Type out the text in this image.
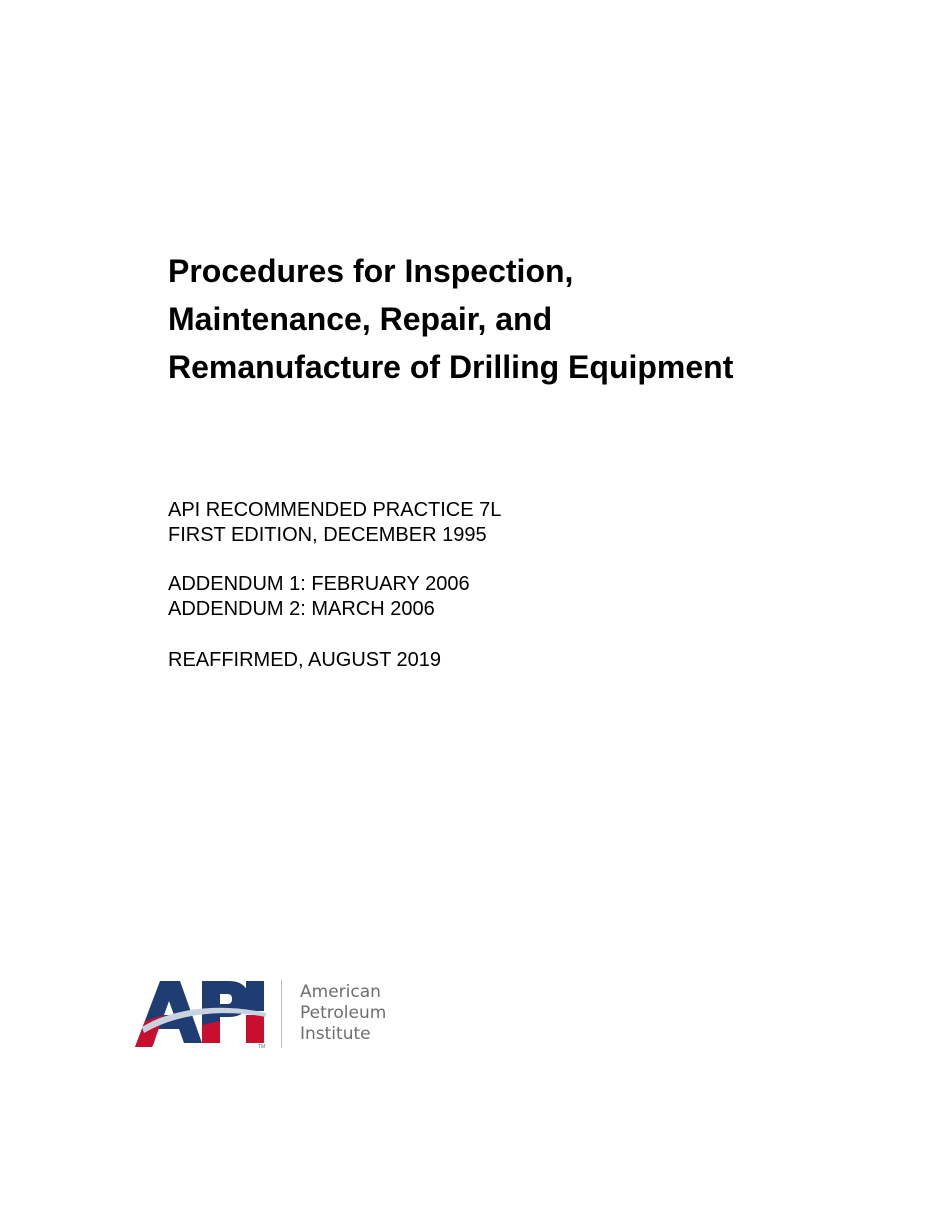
Procedures for Inspection,
Maintenance, Repair, and
Remanufacture of Drilling Equipment
API RECOMMENDED PRACTICE 7L
FIRST EDITION, DECEMBER 1995
ADDENDUM 1: FEBRUARY 2006
ADDENDUM 2: MARCH 2006
REAFFIRMED, AUGUST 2019
TM
American
Petroleum
Institute
